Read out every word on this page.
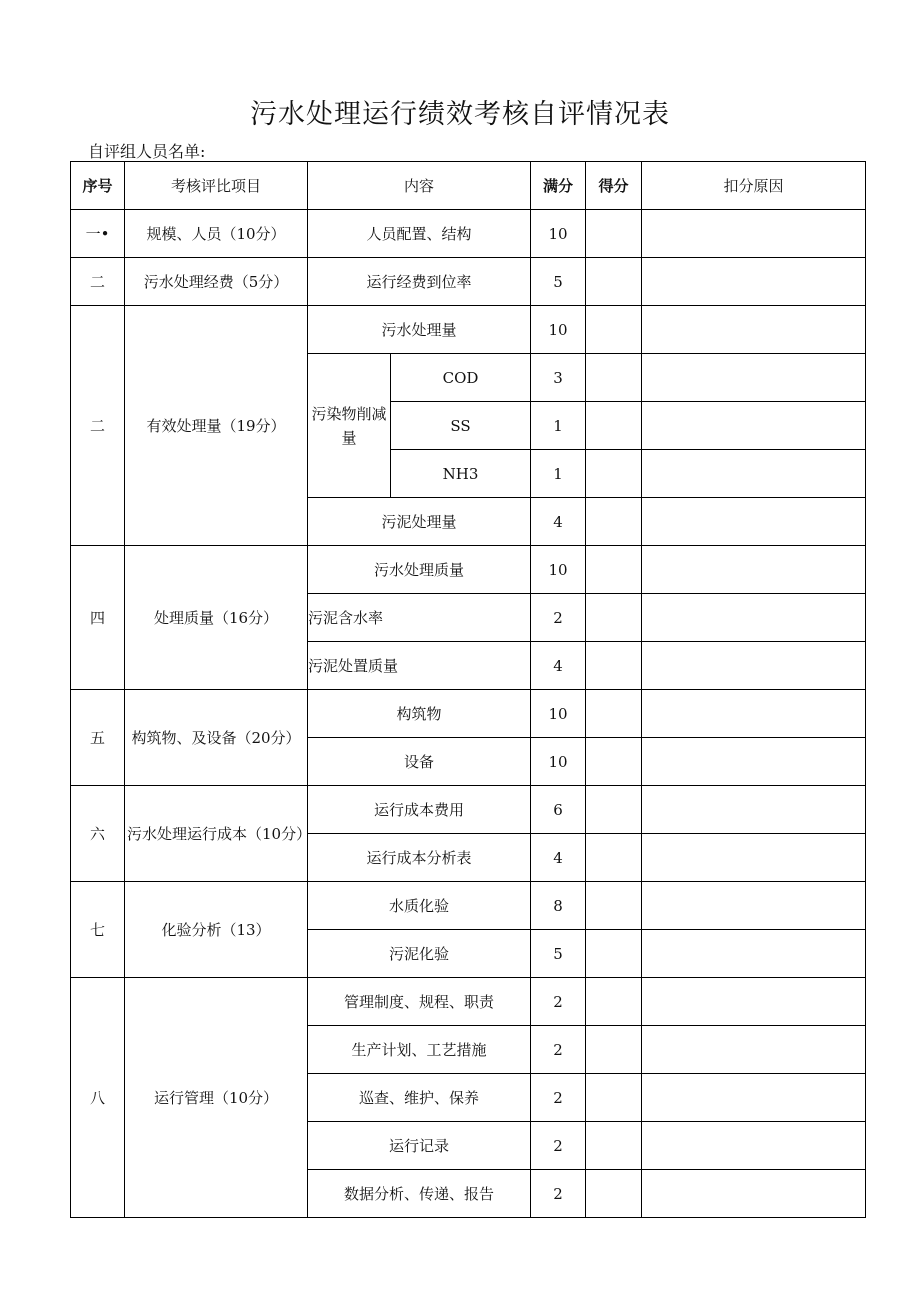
污水处理运行绩效考核自评情况表
自评组人员名单:
序号	考核评比项目	内容		满分	得分	扣分原因
一•	规模、人员（10分）	人员配置、结构		10		
二	污水处理经费（5分）	运行经费到位率		5		
二	有效处理量（19分）	污水处理量		10		
		污染物削减量	COD	3		
			SS	1		
			NH3	1		
		污泥处理量		4		
四	处理质量（16分）	污水处理质量		10		
		污泥含水率		2		
		污泥处置质量		4		
五	构筑物、及设备（20分）	构筑物		10		
		设备		10		
六	污水处理运行成本（10分）	运行成本费用		6		
		运行成本分析表		4		
七	化验分析（13）	水质化验		8		
		污泥化验		5		
八	运行管理（10分）	管理制度、规程、职责		2		
		生产计划、工艺措施		2		
		巡查、维护、保养		2		
		运行记录		2		
		数据分析、传递、报告		2		
